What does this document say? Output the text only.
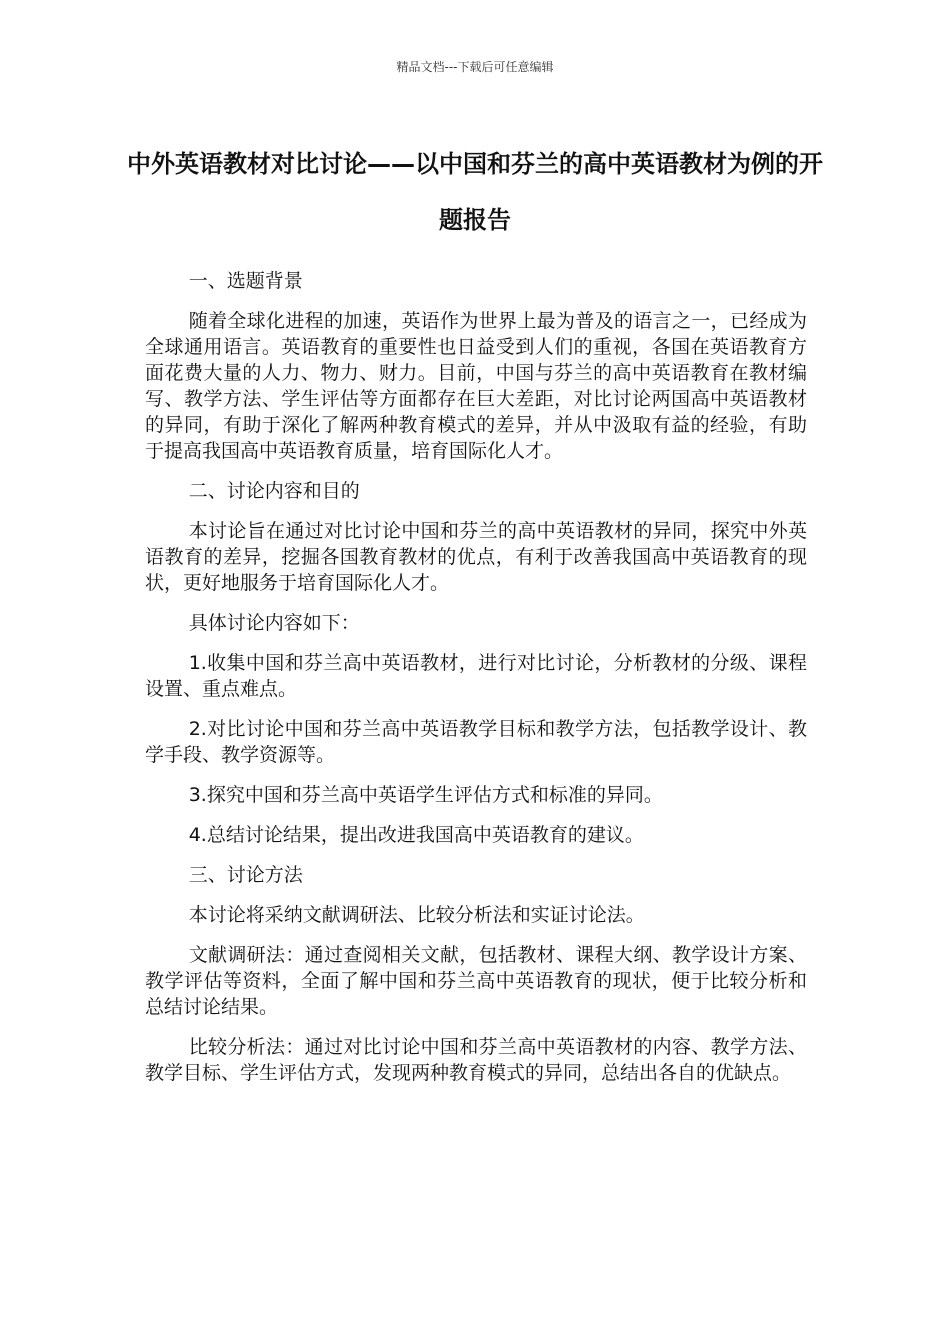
精品文档---下载后可任意编辑
中外英语教材对比讨论——以中国和芬兰的高中英语教材为例的开题报告

一、选题背景

随着全球化进程的加速，英语作为世界上最为普及的语言之一，已经成为全球通用语言。英语教育的重要性也日益受到人们的重视，各国在英语教育方面花费大量的人力、物力、财力。目前，中国与芬兰的高中英语教育在教材编写、教学方法、学生评估等方面都存在巨大差距，对比讨论两国高中英语教材的异同，有助于深化了解两种教育模式的差异，并从中汲取有益的经验，有助于提高我国高中英语教育质量，培育国际化人才。

二、讨论内容和目的

本讨论旨在通过对比讨论中国和芬兰的高中英语教材的异同，探究中外英语教育的差异，挖掘各国教育教材的优点，有利于改善我国高中英语教育的现状，更好地服务于培育国际化人才。

具体讨论内容如下：

1.收集中国和芬兰高中英语教材，进行对比讨论，分析教材的分级、课程设置、重点难点。

2.对比讨论中国和芬兰高中英语教学目标和教学方法，包括教学设计、教学手段、教学资源等。

3.探究中国和芬兰高中英语学生评估方式和标准的异同。

4.总结讨论结果，提出改进我国高中英语教育的建议。

三、讨论方法

本讨论将采纳文献调研法、比较分析法和实证讨论法。

文献调研法：通过查阅相关文献，包括教材、课程大纲、教学设计方案、教学评估等资料，全面了解中国和芬兰高中英语教育的现状，便于比较分析和总结讨论结果。

比较分析法：通过对比讨论中国和芬兰高中英语教材的内容、教学方法、教学目标、学生评估方式，发现两种教育模式的异同，总结出各自的优缺点。
